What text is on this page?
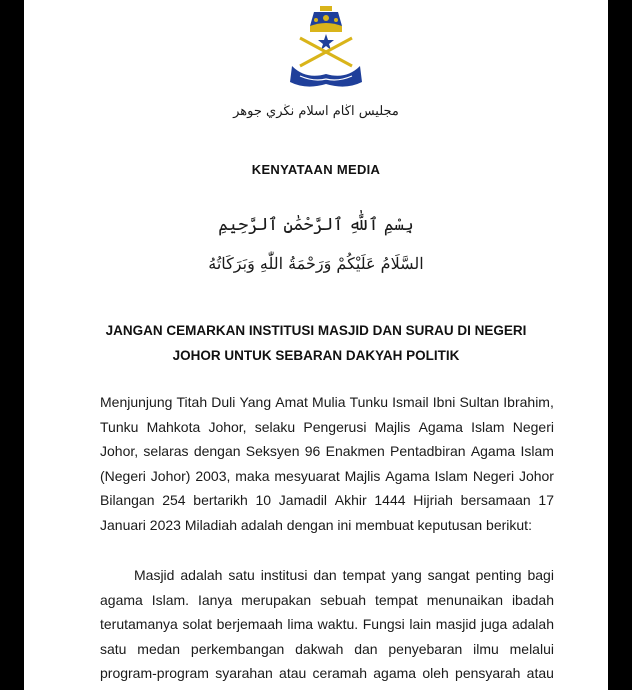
مجليس اڬام اسلام نڬري جوهر
KENYATAAN MEDIA
بِسْمِ ٱللَّٰهِ ٱلرَّحْمَٰنِ ٱلرَّحِيمِ
السَّلَامُ عَلَيْكُمْ وَرَحْمَةُ اللّٰهِ وَبَرَكَاتُهُ
JANGAN CEMARKAN INSTITUSI MASJID DAN SURAU DI NEGERI
JOHOR UNTUK SEBARAN DAKYAH POLITIK
Menjunjung Titah Duli Yang Amat Mulia Tunku Ismail Ibni Sultan Ibrahim,
Tunku Mahkota Johor, selaku Pengerusi Majlis Agama Islam Negeri
Johor, selaras dengan Seksyen 96 Enakmen Pentadbiran Agama Islam
(Negeri Johor) 2003, maka mesyuarat Majlis Agama Islam Negeri Johor
Bilangan 254 bertarikh 10 Jamadil Akhir 1444 Hijriah bersamaan 17
Januari 2023 Miladiah adalah dengan ini membuat keputusan berikut:
Masjid adalah satu institusi dan tempat yang sangat penting bagi
agama Islam. Ianya merupakan sebuah tempat menunaikan ibadah
terutamanya solat berjemaah lima waktu. Fungsi lain masjid juga adalah
satu medan perkembangan dakwah dan penyebaran ilmu melalui
program-program syarahan atau ceramah agama oleh pensyarah atau
